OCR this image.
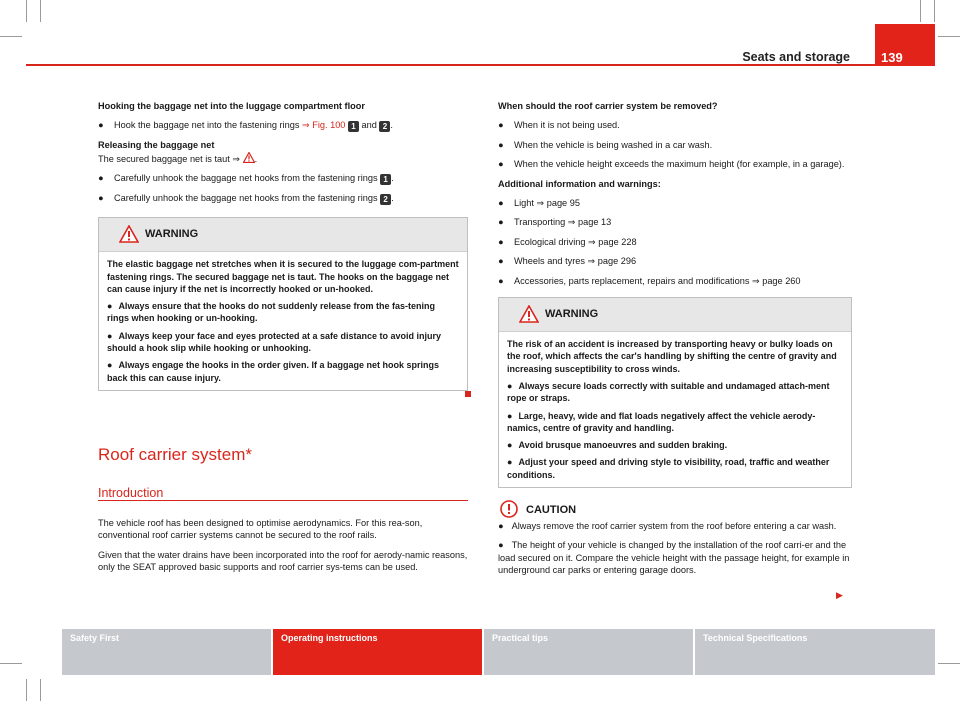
Seats and storage 139

Hooking the baggage net into the luggage compartment floor

● Hook the baggage net into the fastening rings ⇒ Fig. 100 1 and 2 .

Releasing the baggage net

The secured baggage net is taut ⇒ .

● Carefully unhook the baggage net hooks from the fastening rings 1 .
● Carefully unhook the baggage net hooks from the fastening rings 2 .
WARNING

The elastic baggage net stretches when it is secured to the luggage com-partment fastening rings. The secured baggage net is taut. The hooks on the baggage net can cause injury if the net is incorrectly hooked or un-hooked.

● Always ensure that the hooks do not suddenly release from the fas-tening rings when hooking or un-hooking.
● Always keep your face and eyes protected at a safe distance to avoid injury should a hook slip while hooking or unhooking.
● Always engage the hooks in the order given. If a baggage net hook springs back this can cause injury.
Roof carrier system*
Introduction

The vehicle roof has been designed to optimise aerodynamics. For this rea-son, conventional roof carrier systems cannot be secured to the roof rails.

Given that the water drains have been incorporated into the roof for aerody-namic reasons, only the SEAT approved basic supports and roof carrier sys-tems can be used.

When should the roof carrier system be removed?

● When it is not being used.
● When the vehicle is being washed in a car wash.
● When the vehicle height exceeds the maximum height (for example, in a garage).

Additional information and warnings:

● Light ⇒ page 95
● Transporting ⇒ page 13
● Ecological driving ⇒ page 228
● Wheels and tyres ⇒ page 296
● Accessories, parts replacement, repairs and modifications ⇒ page 260
WARNING

The risk of an accident is increased by transporting heavy or bulky loads on the roof, which affects the car's handling by shifting the centre of gravity and increasing susceptibility to cross winds.

● Always secure loads correctly with suitable and undamaged attach-ment rope or straps.
● Large, heavy, wide and flat loads negatively affect the vehicle aerody-namics, centre of gravity and handling.
● Avoid brusque manoeuvres and sudden braking.
● Adjust your speed and driving style to visibility, road, traffic and weather conditions.
CAUTION
● Always remove the roof carrier system from the roof before entering a car wash.
● The height of your vehicle is changed by the installation of the roof carri-er and the load secured on it. Compare the vehicle height with the passage height, for example in underground car parks or entering garage doors.
▶
Safety First	Operating instructions	Practical tips	Technical Specifications
